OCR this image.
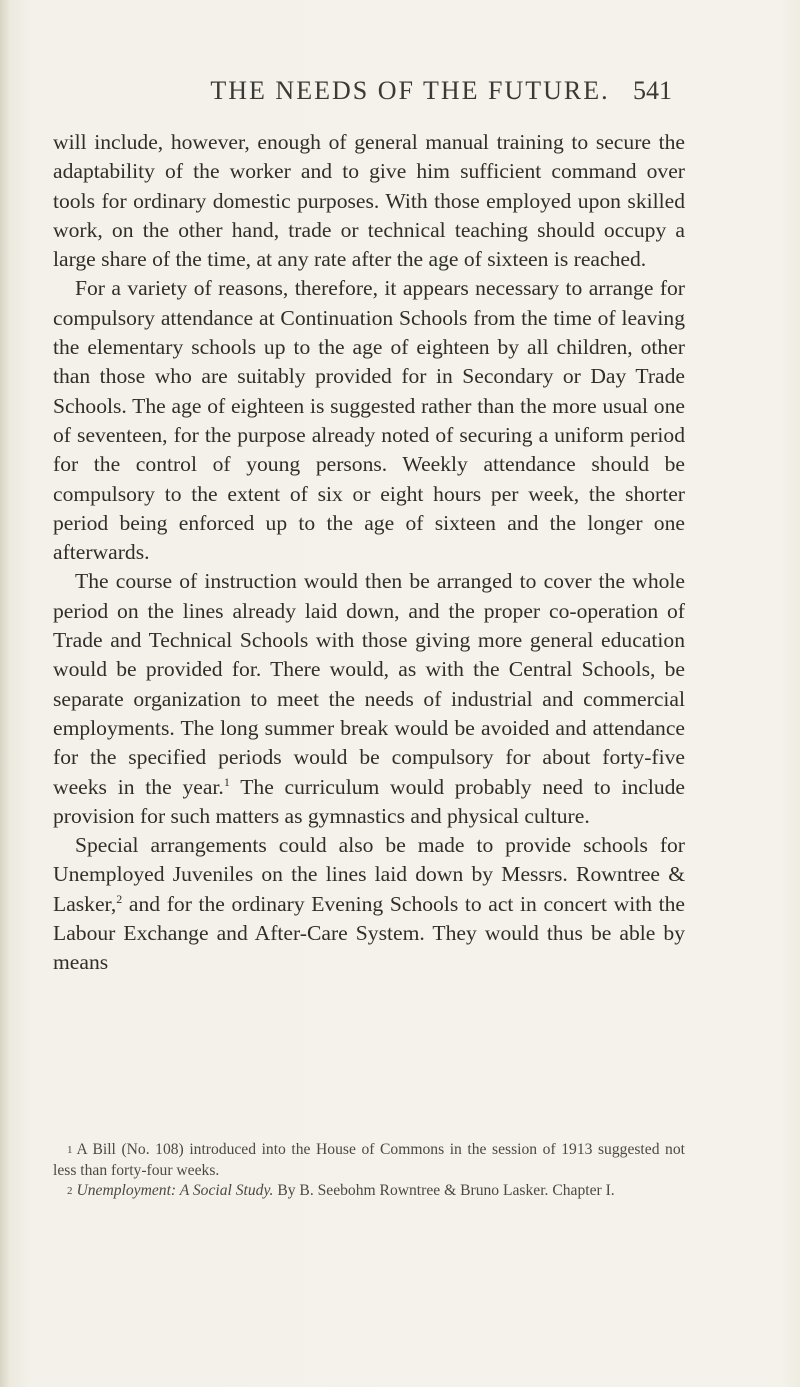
THE NEEDS OF THE FUTURE. 541

will include, however, enough of general manual training to secure the adaptability of the worker and to give him sufficient command over tools for ordinary domestic purposes. With those employed upon skilled work, on the other hand, trade or technical teaching should occupy a large share of the time, at any rate after the age of sixteen is reached.

For a variety of reasons, therefore, it appears necessary to arrange for compulsory attendance at Continuation Schools from the time of leaving the elementary schools up to the age of eighteen by all children, other than those who are suitably provided for in Secondary or Day Trade Schools. The age of eighteen is suggested rather than the more usual one of seventeen, for the purpose already noted of securing a uniform period for the control of young persons. Weekly attendance should be compulsory to the extent of six or eight hours per week, the shorter period being enforced up to the age of sixteen and the longer one afterwards.

The course of instruction would then be arranged to cover the whole period on the lines already laid down, and the proper co-operation of Trade and Technical Schools with those giving more general education would be provided for. There would, as with the Central Schools, be separate organization to meet the needs of industrial and commercial employments. The long summer break would be avoided and attendance for the specified periods would be compulsory for about forty-five weeks in the year.$^1$ The curriculum would probably need to include provision for such matters as gymnastics and physical culture.

Special arrangements could also be made to provide schools for Unemployed Juveniles on the lines laid down by Messrs. Rowntree & Lasker,$^2$ and for the ordinary Evening Schools to act in concert with the Labour Exchange and After-Care System. They would thus be able by means

$^1$ A Bill (No. 108) introduced into the House of Commons in the session of 1913 suggested not less than forty-four weeks.

$^2$ Unemployment: A Social Study. By B. Seebohm Rowntree & Bruno Lasker. Chapter I.
